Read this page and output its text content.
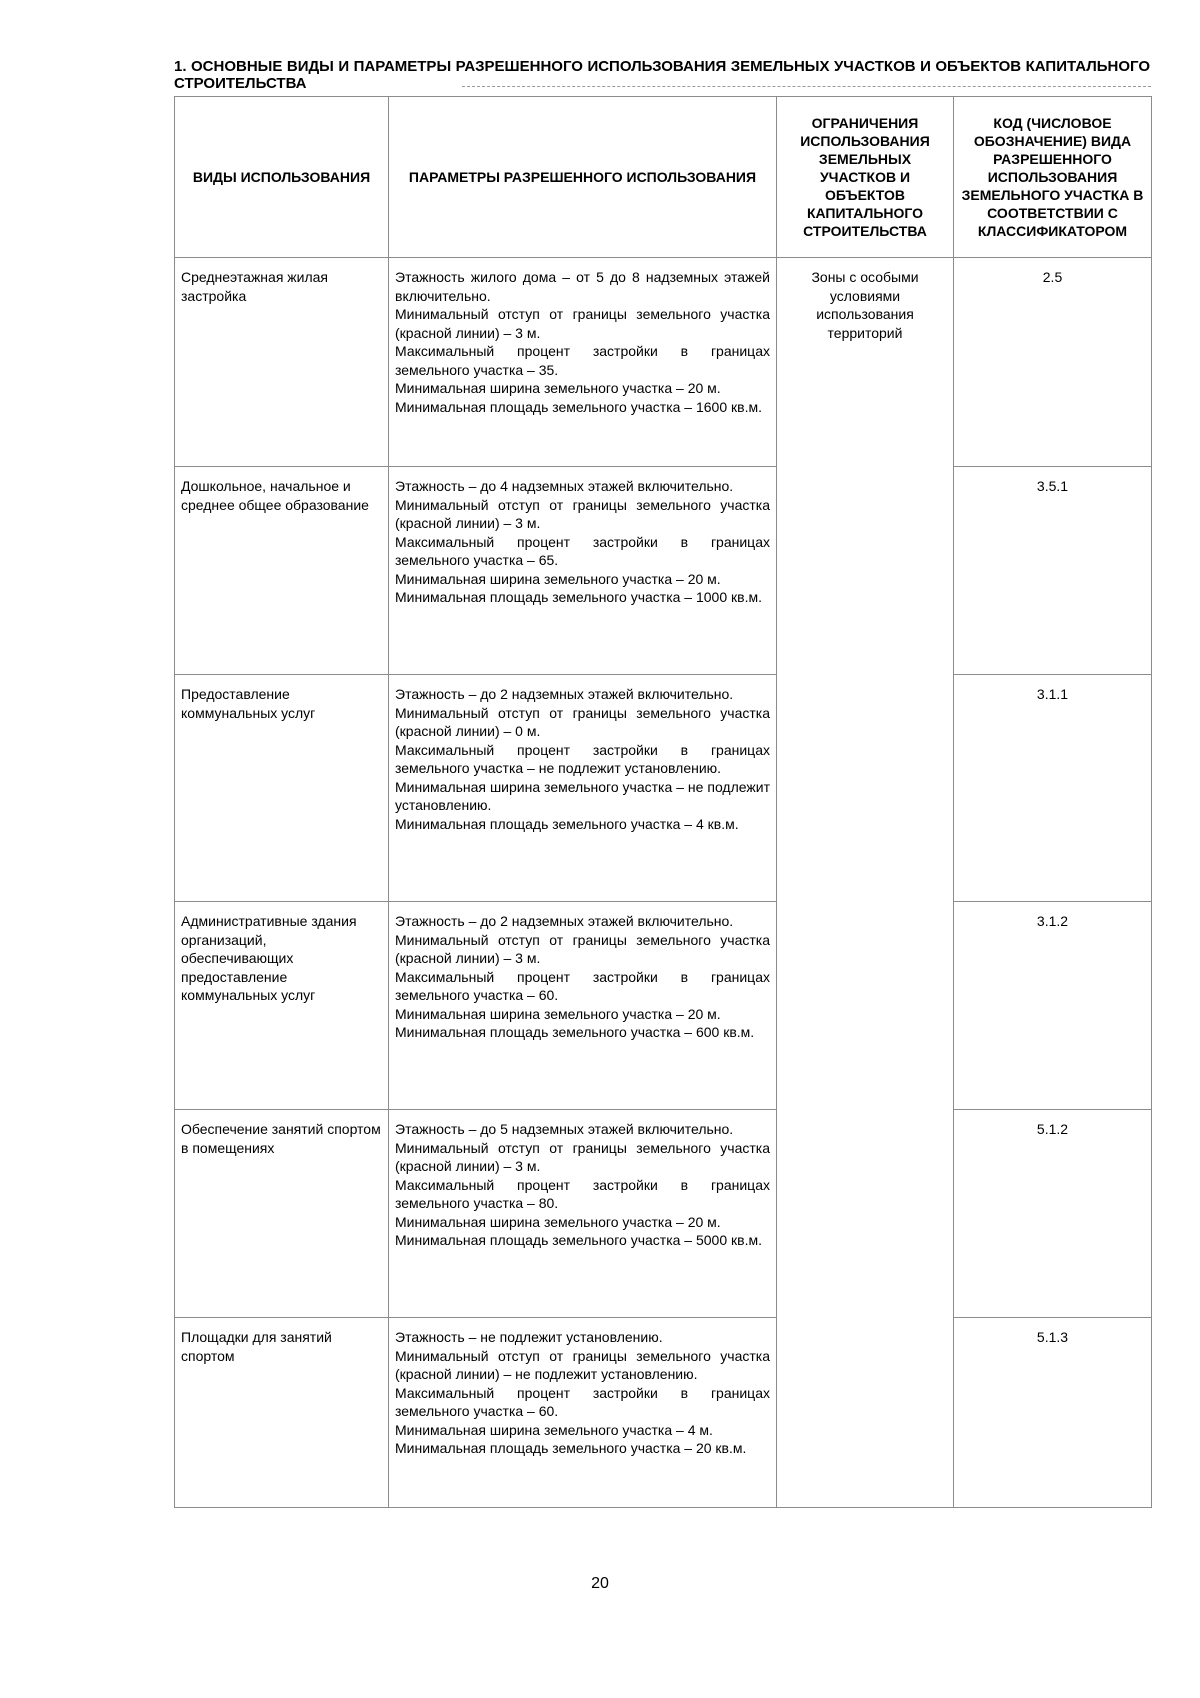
1. ОСНОВНЫЕ ВИДЫ И ПАРАМЕТРЫ РАЗРЕШЕННОГО ИСПОЛЬЗОВАНИЯ ЗЕМЕЛЬНЫХ УЧАСТКОВ И ОБЪЕКТОВ КАПИТАЛЬНОГО СТРОИТЕЛЬСТВА
ВИДЫ ИСПОЛЬЗОВАНИЯ	ПАРАМЕТРЫ РАЗРЕШЕННОГО ИСПОЛЬЗОВАНИЯ	ОГРАНИЧЕНИЯ ИСПОЛЬЗОВАНИЯ ЗЕМЕЛЬНЫХ УЧАСТКОВ И ОБЪЕКТОВ КАПИТАЛЬНОГО СТРОИТЕЛЬСТВА	КОД (ЧИСЛОВОЕ ОБОЗНАЧЕНИЕ) ВИДА РАЗРЕШЕННОГО ИСПОЛЬЗОВАНИЯ ЗЕМЕЛЬНОГО УЧАСТКА В СООТВЕТСТВИИ С КЛАССИФИКАТОРОМ
Среднеэтажная жилая застройка	Этажность жилого дома – от 5 до 8 надземных этажей включительно.
Минимальный отступ от границы земельного участка (красной линии) – 3 м.
Максимальный процент застройки в границах земельного участка – 35.
Минимальная ширина земельного участка – 20 м.
Минимальная площадь земельного участка – 1600 кв.м.	Зоны с особыми условиями использования территорий	2.5
Дошкольное, начальное и среднее общее образование	Этажность – до 4 надземных этажей включительно.
Минимальный отступ от границы земельного участка (красной линии) – 3 м.
Максимальный процент застройки в границах земельного участка – 65.
Минимальная ширина земельного участка – 20 м.
Минимальная площадь земельного участка – 1000 кв.м.		3.5.1
Предоставление коммунальных услуг	Этажность – до 2 надземных этажей включительно.
Минимальный отступ от границы земельного участка (красной линии) – 0 м.
Максимальный процент застройки в границах земельного участка – не подлежит установлению.
Минимальная ширина земельного участка – не подлежит установлению.
Минимальная площадь земельного участка – 4 кв.м.		3.1.1
Административные здания организаций, обеспечивающих предоставление коммунальных услуг	Этажность – до 2 надземных этажей включительно.
Минимальный отступ от границы земельного участка (красной линии) – 3 м.
Максимальный процент застройки в границах земельного участка – 60.
Минимальная ширина земельного участка – 20 м.
Минимальная площадь земельного участка – 600 кв.м.		3.1.2
Обеспечение занятий спортом в помещениях	Этажность – до 5 надземных этажей включительно.
Минимальный отступ от границы земельного участка (красной линии) – 3 м.
Максимальный процент застройки в границах земельного участка – 80.
Минимальная ширина земельного участка – 20 м.
Минимальная площадь земельного участка – 5000 кв.м.		5.1.2
Площадки для занятий спортом	Этажность – не подлежит установлению.
Минимальный отступ от границы земельного участка (красной линии) – не подлежит установлению.
Максимальный процент застройки в границах земельного участка – 60.
Минимальная ширина земельного участка – 4 м.
Минимальная площадь земельного участка – 20 кв.м.		5.1.3
20
